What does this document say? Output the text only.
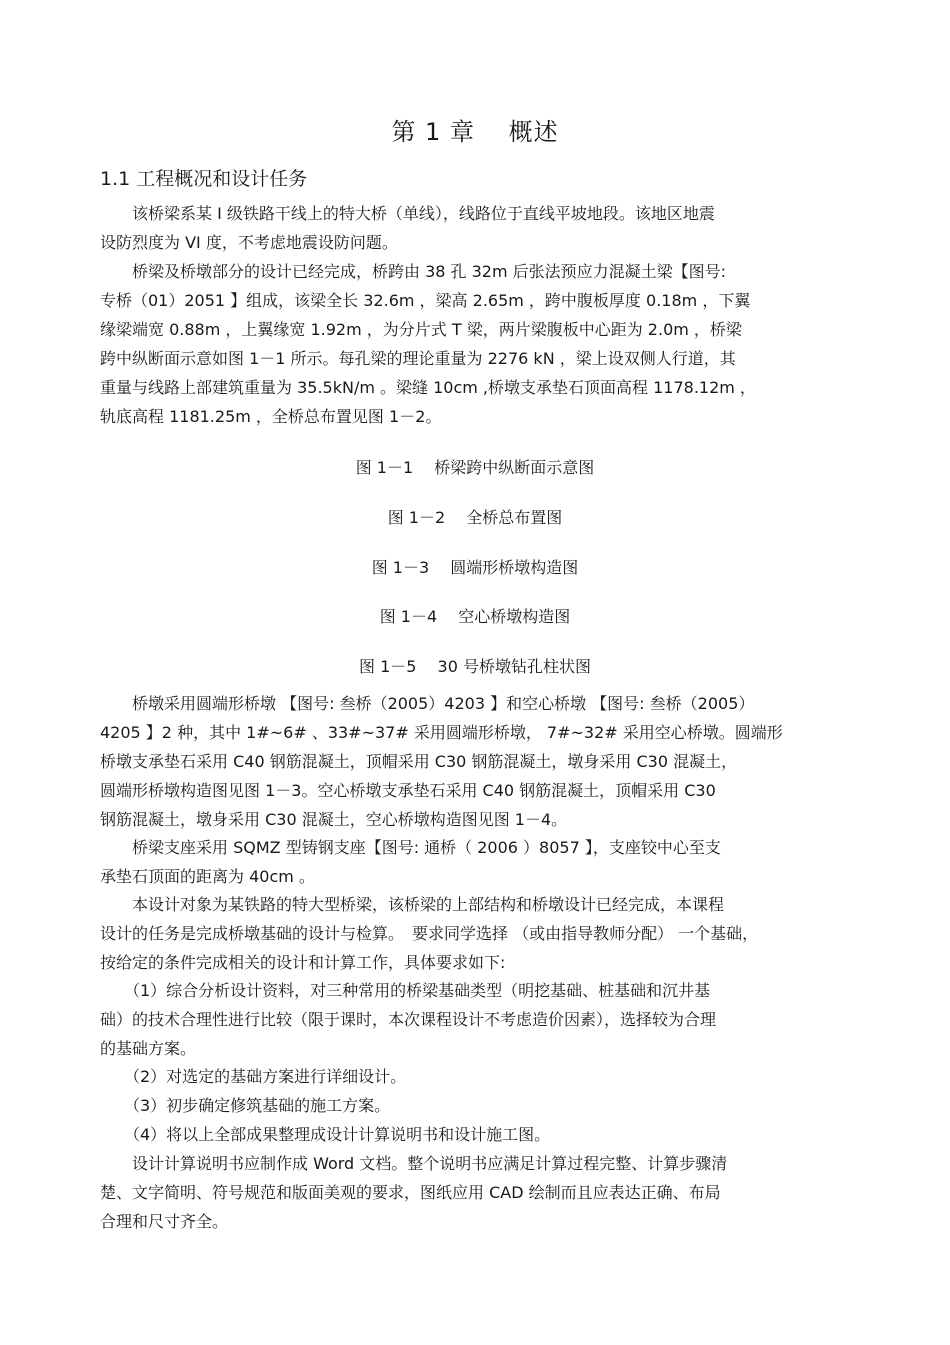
第 1 章　 概述
1.1 工程概况和设计任务
　　该桥梁系某 I 级铁路干线上的特大桥（单线），线路位于直线平坡地段。该地区地震
设防烈度为 VI 度，不考虑地震设防问题。
　　桥梁及桥墩部分的设计已经完成，桥跨由 38 孔 32m 后张法预应力混凝土梁【图号:
专桥（01）2051 】组成，该梁全长 32.6m ，梁高 2.65m ，跨中腹板厚度 0.18m ，下翼
缘梁端宽 0.88m ，上翼缘宽 1.92m ，为分片式 T 梁，两片梁腹板中心距为 2.0m ，桥梁
跨中纵断面示意如图 1－1 所示。每孔梁的理论重量为 2276 kN ，梁上设双侧人行道，其
重量与线路上部建筑重量为 35.5kN/m 。梁缝 10cm ,桥墩支承垫石顶面高程 1178.12m ，
轨底高程 1181.25m ，全桥总布置见图 1－2。
图 1－1　 桥梁跨中纵断面示意图
图 1－2　 全桥总布置图
图 1－3　 圆端形桥墩构造图
图 1－4　 空心桥墩构造图
图 1－5　 30 号桥墩钻孔柱状图
　　桥墩采用圆端形桥墩 【图号: 叁桥（2005）4203 】和空心桥墩 【图号: 叁桥（2005）
4205 】2 种，其中 1#~6# 、33#~37# 采用圆端形桥墩， 7#~32# 采用空心桥墩。圆端形
桥墩支承垫石采用 C40 钢筋混凝土，顶帽采用 C30 钢筋混凝土，墩身采用 C30 混凝土，
圆端形桥墩构造图见图 1－3。空心桥墩支承垫石采用 C40 钢筋混凝土，顶帽采用 C30
钢筋混凝土，墩身采用 C30 混凝土，空心桥墩构造图见图 1－4。
　　桥梁支座采用 SQMZ 型铸钢支座【图号: 通桥（ 2006 ）8057 】，支座铰中心至支
承垫石顶面的距离为 40cm 。
　　本设计对象为某铁路的特大型桥梁，该桥梁的上部结构和桥墩设计已经完成，本课程
设计的任务是完成桥墩基础的设计与检算。　要求同学选择 （或由指导教师分配） 一个基础，
按给定的条件完成相关的设计和计算工作，具体要求如下:
　　（1）综合分析设计资料，对三种常用的桥梁基础类型（明挖基础、桩基础和沉井基
础）的技术合理性进行比较（限于课时，本次课程设计不考虑造价因素），选择较为合理
的基础方案。
　　（2）对选定的基础方案进行详细设计。
　　（3）初步确定修筑基础的施工方案。
　　（4）将以上全部成果整理成设计计算说明书和设计施工图。
　　设计计算说明书应制作成 Word 文档。整个说明书应满足计算过程完整、计算步骤清
楚、文字简明、符号规范和版面美观的要求，图纸应用 CAD 绘制而且应表达正确、布局
合理和尺寸齐全。
